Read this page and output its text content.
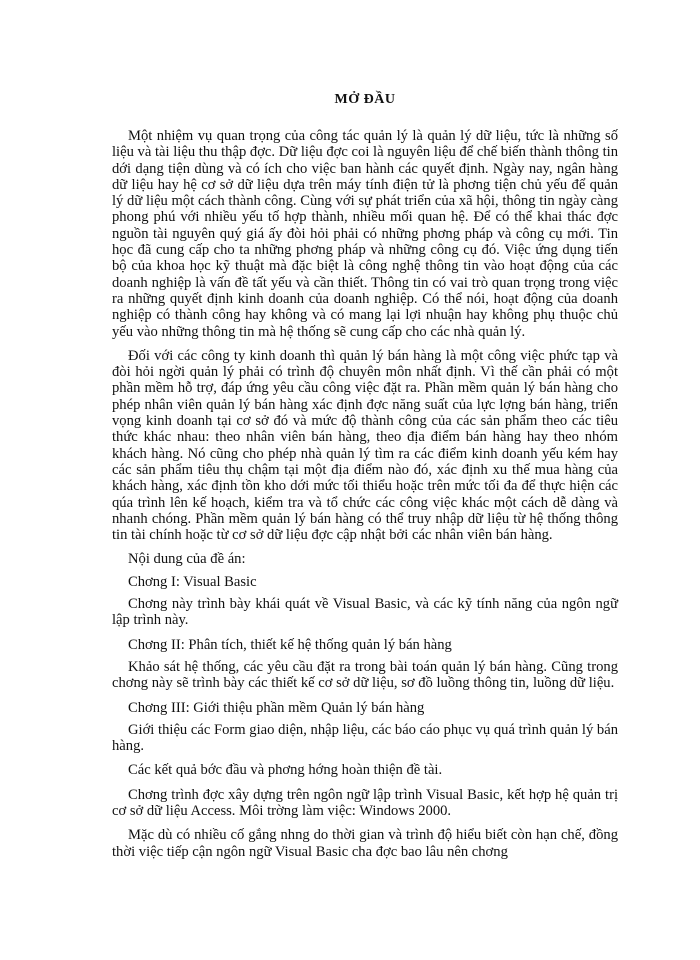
MỞ ĐẦU

Một nhiệm vụ quan trọng của công tác quản lý là quản lý dữ liệu, tức là những số liệu và tài liệu thu thập đợc. Dữ liệu đợc coi là nguyên liệu để chế biến thành thông tin dới dạng tiện dùng và có ích cho việc ban hành các quyết định. Ngày nay, ngân hàng dữ liệu hay hệ cơ sở dữ liệu dựa trên máy tính điện tử là phơng tiện chủ yếu để quản lý dữ liệu một cách thành công. Cùng với sự phát triển của xã hội, thông tin ngày càng phong phú với nhiều yếu tố hợp thành, nhiều mối quan hệ. Để có thể khai thác đợc nguồn tài nguyên quý giá ấy đòi hỏi phải có những phơng pháp và công cụ mới. Tin học đã cung cấp cho ta những phơng pháp và những công cụ đó. Việc ứng dụng tiến bộ của khoa học kỹ thuật mà đặc biệt là công nghệ thông tin vào hoạt động của các doanh nghiệp là vấn đề tất yếu và cần thiết. Thông tin có vai trò quan trọng trong việc ra những quyết định kinh doanh của doanh nghiệp. Có thể nói, hoạt động của doanh nghiệp có thành công hay không và có mang lại lợi nhuận hay không phụ thuộc chủ yếu vào những thông tin mà hệ thống sẽ cung cấp cho các nhà quản lý.

Đối với các công ty kinh doanh thì quản lý bán hàng là một công việc phức tạp và đòi hỏi ngời quản lý phải có trình độ chuyên môn nhất định. Vì thế cần phải có một phần mềm hỗ trợ, đáp ứng yêu cầu công việc đặt ra. Phần mềm quản lý bán hàng cho phép nhân viên quản lý bán hàng xác định đợc năng suất của lực lợng bán hàng, triển vọng kinh doanh tại cơ sở đó và mức độ thành công của các sản phẩm theo các tiêu thức khác nhau: theo nhân viên bán hàng, theo địa điểm bán hàng hay theo nhóm khách hàng. Nó cũng cho phép nhà quản lý tìm ra các điểm kinh doanh yếu kém hay các sản phẩm tiêu thụ chậm tại một địa điểm nào đó, xác định xu thế mua hàng của khách hàng, xác định tồn kho dới mức tối thiểu hoặc trên mức tối đa để thực hiện các qúa trình lên kế hoạch, kiểm tra và tổ chức các công việc khác một cách dễ dàng và nhanh chóng. Phần mềm quản lý bán hàng có thể truy nhập dữ liệu từ hệ thống thông tin tài chính hoặc từ cơ sở dữ liệu đợc cập nhật bởi các nhân viên bán hàng.

Nội dung của đề án:

Chơng I: Visual Basic

Chơng này trình bày khái quát về Visual Basic, và các kỹ tính năng của ngôn ngữ lập trình này.

Chơng II: Phân tích, thiết kế hệ thống quản lý bán hàng

Khảo sát hệ thống, các yêu cầu đặt ra trong bài toán quản lý bán hàng. Cũng trong chơng này sẽ trình bày các thiết kế cơ sở dữ liệu, sơ đồ luồng thông tin, luồng dữ liệu.

Chơng III: Giới thiệu phần mềm Quản lý bán hàng

Giới thiệu các Form giao diện, nhập liệu, các báo cáo phục vụ quá trình quản lý bán hàng.

Các kết quả bớc đầu và phơng hớng hoàn thiện đề tài.

Chơng trình đợc xây dựng trên ngôn ngữ lập trình Visual Basic, kết hợp hệ quản trị cơ sở dữ liệu Access. Môi trờng làm việc: Windows 2000.

Mặc dù có nhiều cố gắng nhng do thời gian và trình độ hiểu biết còn hạn chế, đồng thời việc tiếp cận ngôn ngữ Visual Basic cha đợc bao lâu nên chơng
